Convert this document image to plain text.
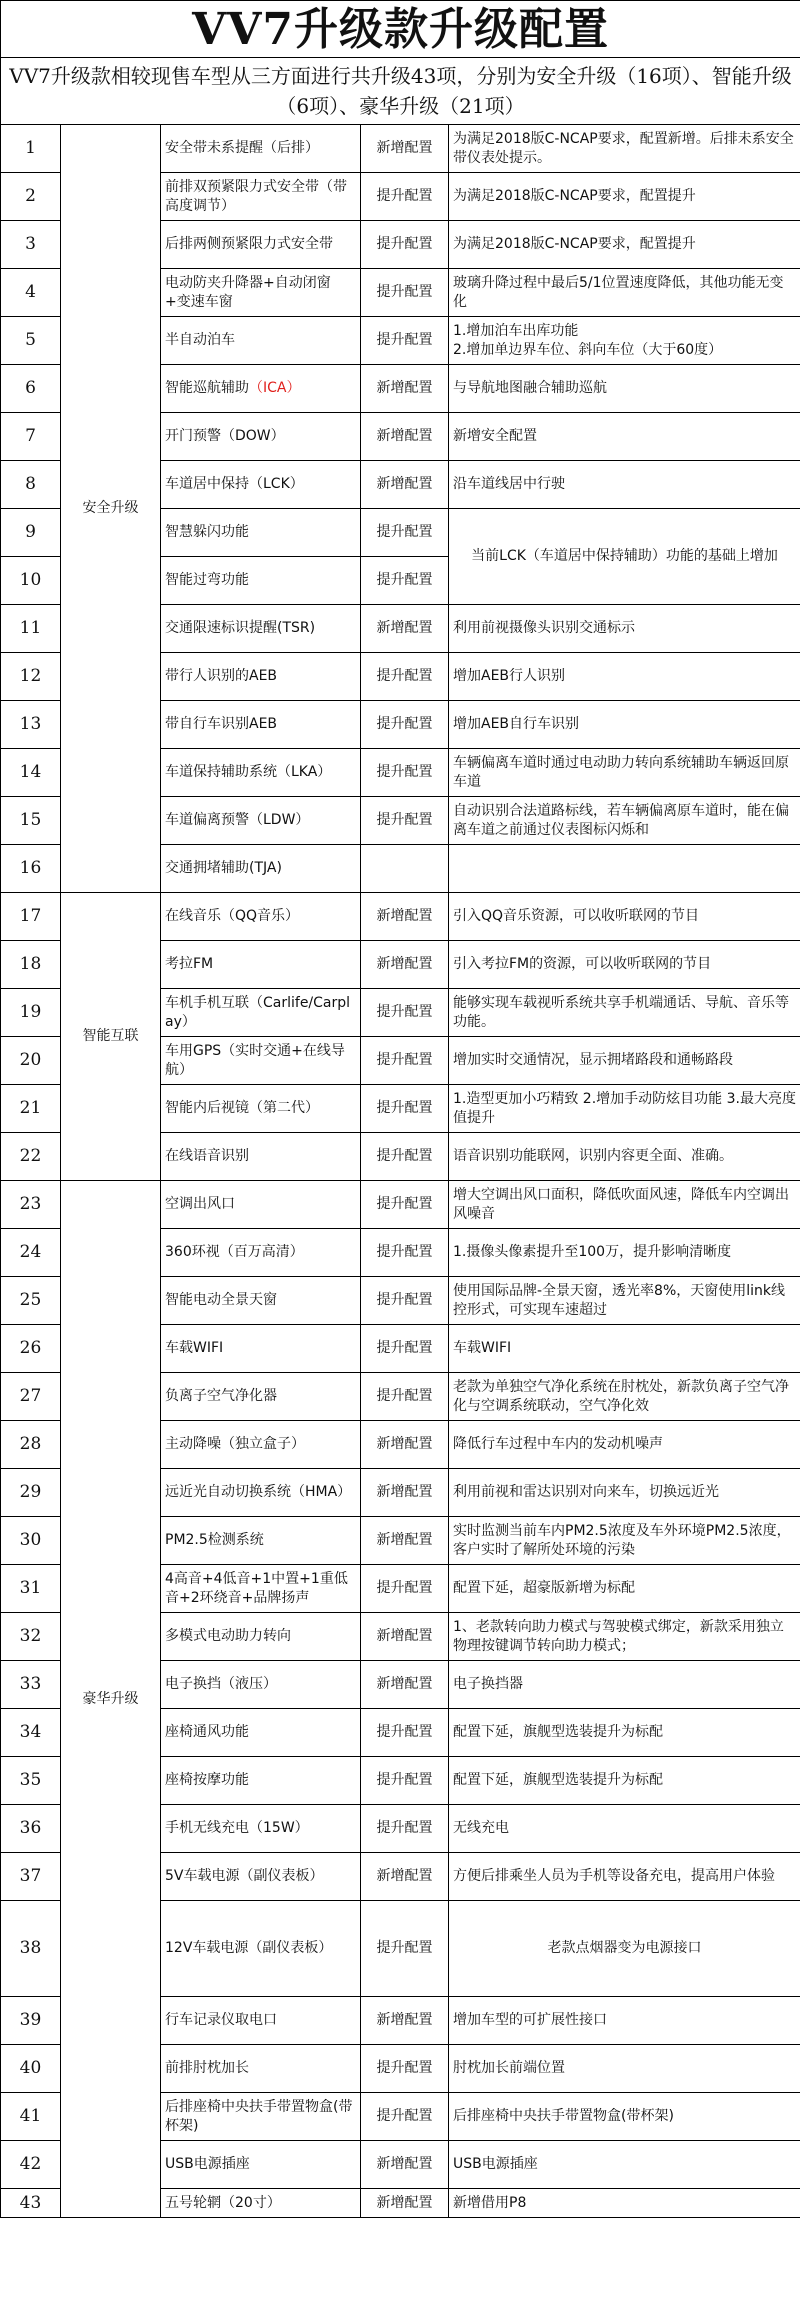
VV7升级款升级配置				
VV7升级款相较现售车型从三方面进行共升级43项，分别为安全升级（16项）、智能升级（6项）、豪华升级（21项）				
1	安全升级	安全带未系提醒（后排）	新增配置	为满足2018版C-NCAP要求，配置新增。后排未系安全带仪表处提示。
2		前排双预紧限力式安全带（带高度调节）	提升配置	为满足2018版C-NCAP要求，配置提升
3		后排两侧预紧限力式安全带	提升配置	为满足2018版C-NCAP要求，配置提升
4		电动防夹升降器+自动闭窗+变速车窗	提升配置	玻璃升降过程中最后5/1位置速度降低，其他功能无变化
5		半自动泊车	提升配置	1.增加泊车出库功能
2.增加单边界车位、斜向车位（大于60度）

6		智能巡航辅助（ICA）	新增配置	与导航地图融合辅助巡航
7		开门预警（DOW）	新增配置	新增安全配置
8		车道居中保持（LCK）	新增配置	沿车道线居中行驶
9		智慧躲闪功能	提升配置	当前LCK（车道居中保持辅助）功能的基础上增加
10		智能过弯功能	提升配置	
11		交通限速标识提醒(TSR)	新增配置	利用前视摄像头识别交通标示
12		带行人识别的AEB	提升配置	增加AEB行人识别
13		带自行车识别AEB	提升配置	增加AEB自行车识别
14		车道保持辅助系统（LKA）	提升配置	车辆偏离车道时通过电动助力转向系统辅助车辆返回原车道
15		车道偏离预警（LDW）	提升配置	自动识别合法道路标线，若车辆偏离原车道时，能在偏离车道之前通过仪表图标闪烁和
16		交通拥堵辅助(TJA)		
17	智能互联	在线音乐（QQ音乐）	新增配置	引入QQ音乐资源，可以收听联网的节目
18		考拉FM	新增配置	引入考拉FM的资源，可以收听联网的节目
19		车机手机互联（Carlife/Carplay）	提升配置	能够实现车载视听系统共享手机端通话、导航、音乐等功能。
20		车用GPS（实时交通+在线导航）	提升配置	增加实时交通情况，显示拥堵路段和通畅路段
21		智能内后视镜（第二代）	提升配置	1.造型更加小巧精致 2.增加手动防炫目功能 3.最大亮度值提升
22		在线语音识别	提升配置	语音识别功能联网，识别内容更全面、准确。
23	豪华升级	空调出风口	提升配置	增大空调出风口面积，降低吹面风速，降低车内空调出风噪音
24		360环视（百万高清）	提升配置	1.摄像头像素提升至100万，提升影响清晰度
25		智能电动全景天窗	提升配置	使用国际品牌-全景天窗，透光率8%，天窗使用link线控形式，可实现车速超过
26		车载WIFI	提升配置	车载WIFI
27		负离子空气净化器	提升配置	老款为单独空气净化系统在肘枕处，新款负离子空气净化与空调系统联动，空气净化效
28		主动降噪（独立盒子）	新增配置	降低行车过程中车内的发动机噪声
29		远近光自动切换系统（HMA）	新增配置	利用前视和雷达识别对向来车，切换远近光
30		PM2.5检测系统	新增配置	实时监测当前车内PM2.5浓度及车外环境PM2.5浓度，客户实时了解所处环境的污染
31		4高音+4低音+1中置+1重低音+2环绕音+品牌扬声	提升配置	配置下延，超豪版新增为标配
32		多模式电动助力转向	新增配置	1、老款转向助力模式与驾驶模式绑定，新款采用独立物理按键调节转向助力模式；
33		电子换挡（液压）	新增配置	电子换挡器
34		座椅通风功能	提升配置	配置下延，旗舰型选装提升为标配
35		座椅按摩功能	提升配置	配置下延，旗舰型选装提升为标配
36		手机无线充电（15W）	提升配置	无线充电
37		5V车载电源（副仪表板）	新增配置	方便后排乘坐人员为手机等设备充电，提高用户体验
38		12V车载电源（副仪表板）	提升配置	老款点烟器变为电源接口
39		行车记录仪取电口	新增配置	增加车型的可扩展性接口
40		前排肘枕加长	提升配置	肘枕加长前端位置
41		后排座椅中央扶手带置物盒(带杯架)	提升配置	后排座椅中央扶手带置物盒(带杯架)
42		USB电源插座	新增配置	USB电源插座
43		五号轮辋（20寸）	新增配置	新增借用P8
